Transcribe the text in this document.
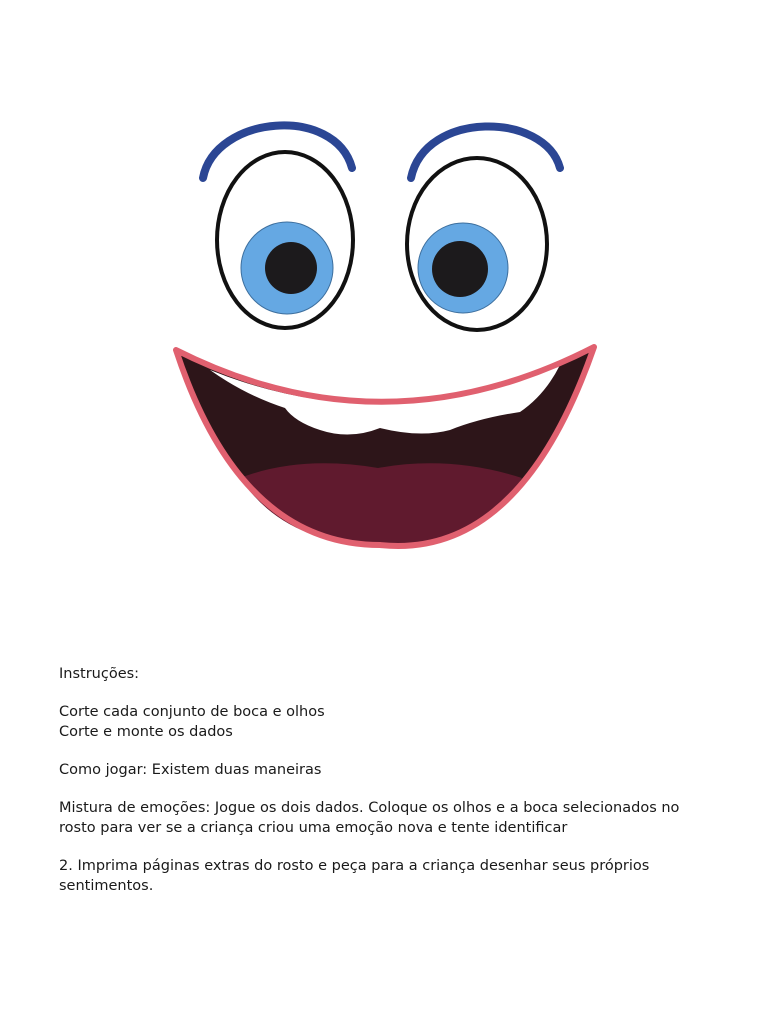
Instruções:

Corte cada conjunto de boca e olhos

Corte e monte os dados

Como jogar: Existem duas maneiras

Mistura de emoções: Jogue os dois dados. Coloque os olhos e a boca selecionados no rosto para ver se a criança criou uma emoção nova e tente identificar

2. Imprima páginas extras do rosto e peça para a criança desenhar seus próprios sentimentos.
